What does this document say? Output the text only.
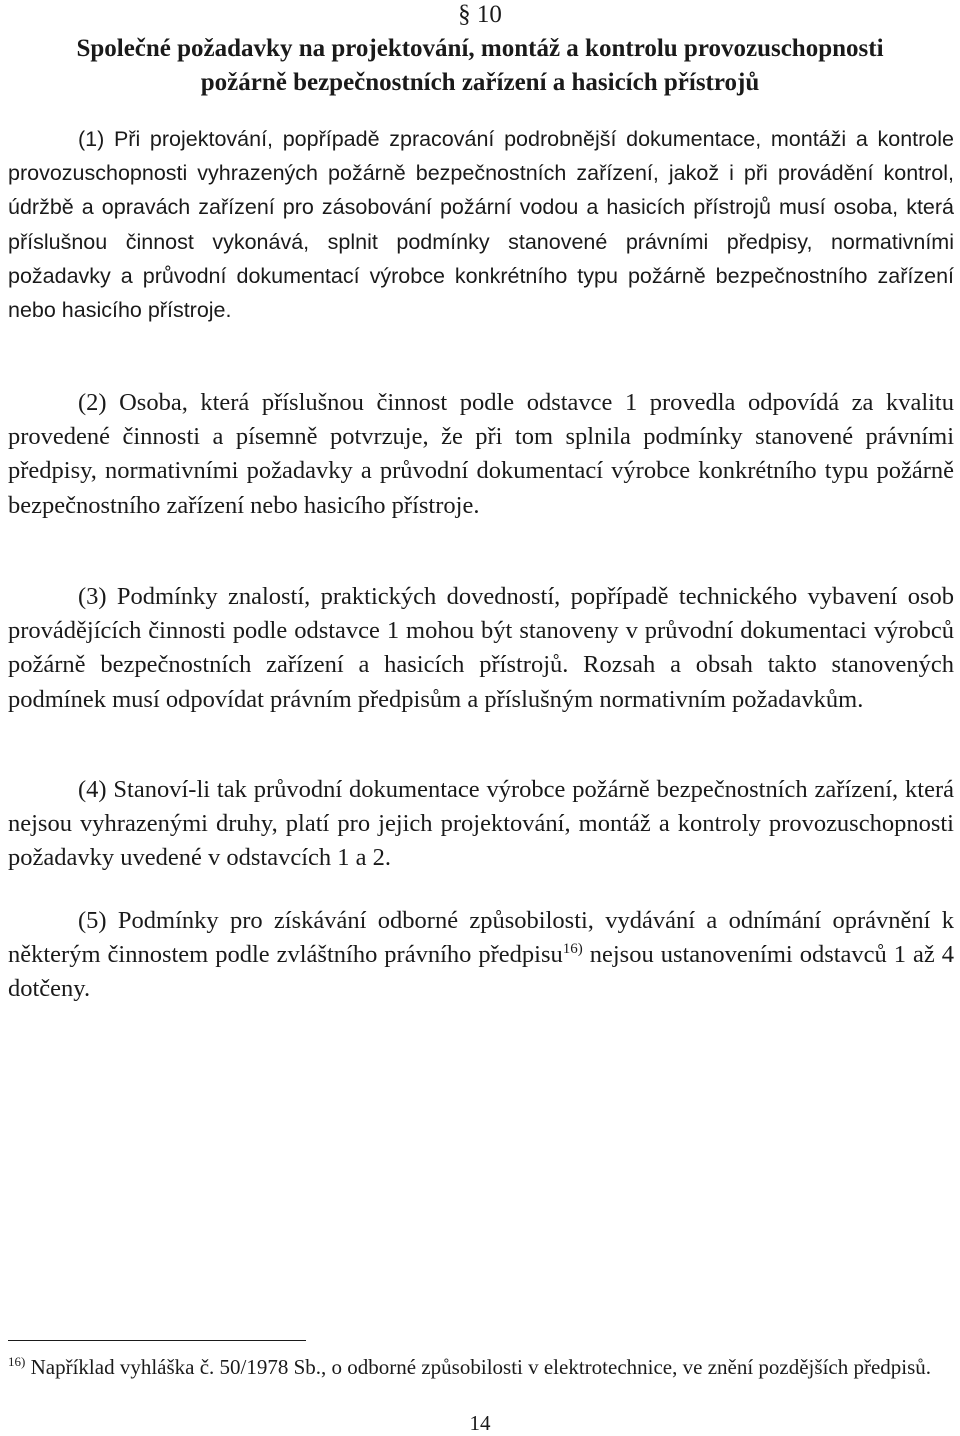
§ 10
Společné požadavky na projektování, montáž a kontrolu provozuschopnosti
požárně bezpečnostních zařízení a hasicích přístrojů

(1) Při projektování, popřípadě zpracování podrobnější dokumentace, montáži a kontrole provozuschopnosti vyhrazených požárně bezpečnostních zařízení, jakož i při provádění kontrol, údržbě a opravách zařízení pro zásobování požární vodou a hasicích přístrojů musí osoba, která příslušnou činnost vykonává, splnit podmínky stanovené právními předpisy, normativními požadavky a průvodní dokumentací výrobce konkrétního typu požárně bezpečnostního zařízení nebo hasicího přístroje.

(2) Osoba, která příslušnou činnost podle odstavce 1 provedla odpovídá za kvalitu provedené činnosti a písemně potvrzuje, že při tom splnila podmínky stanovené právními předpisy, normativními požadavky a průvodní dokumentací výrobce konkrétního typu požárně bezpečnostního zařízení nebo hasicího přístroje.

(3) Podmínky znalostí, praktických dovedností, popřípadě technického vybavení osob provádějících činnosti podle odstavce 1 mohou být stanoveny v průvodní dokumentaci výrobců požárně bezpečnostních zařízení a hasicích přístrojů. Rozsah a obsah takto stanovených podmínek musí odpovídat právním předpisům a příslušným normativním požadavkům.

(4) Stanoví-li tak průvodní dokumentace výrobce požárně bezpečnostních zařízení, která nejsou vyhrazenými druhy, platí pro jejich projektování, montáž a kontroly provozuschopnosti požadavky uvedené v odstavcích 1 a 2.

(5) Podmínky pro získávání odborné způsobilosti, vydávání a odnímání oprávnění k některým činnostem podle zvláštního právního předpisu$^{16)}$ nejsou ustanoveními odstavců 1 až 4 dotčeny.

$^{16)}$ Například vyhláška č. 50/1978 Sb., o odborné způsobilosti v elektrotechnice, ve znění pozdějších předpisů.
14
